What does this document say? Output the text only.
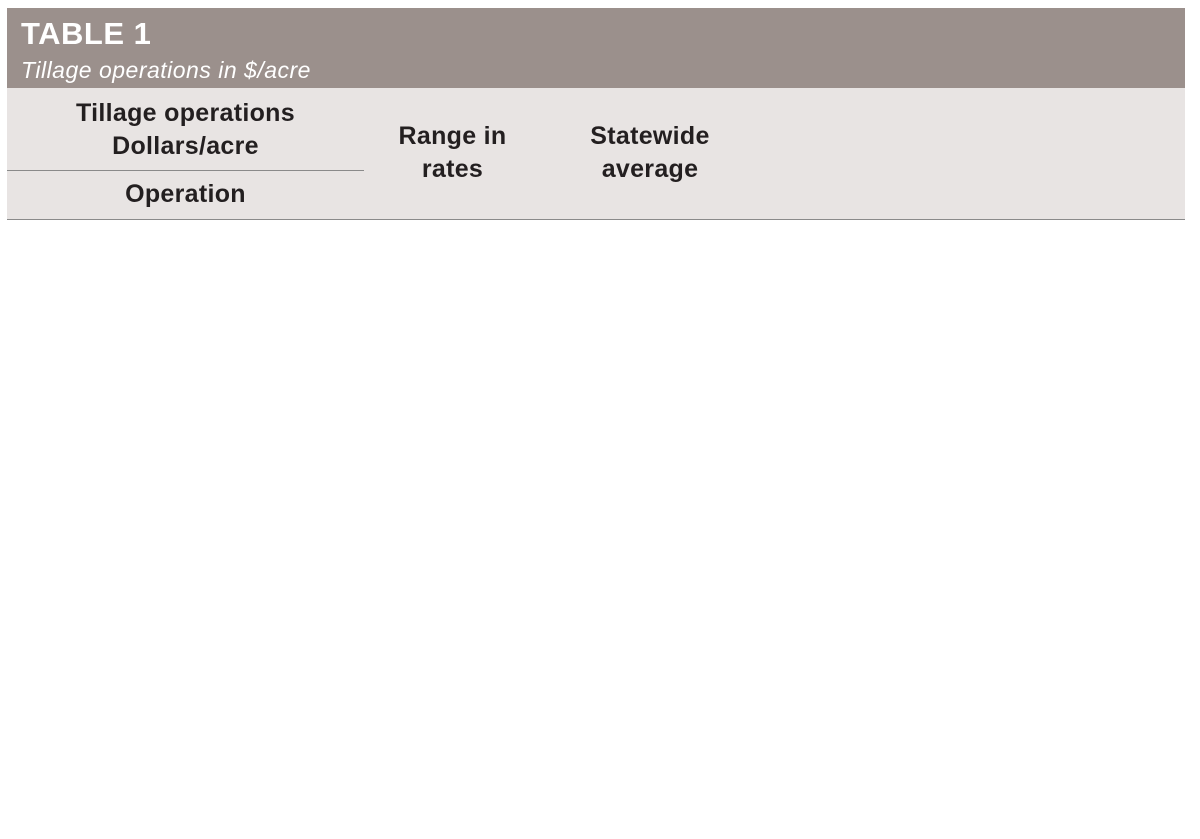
TABLE 1
Tillage operations in $/acre
Tillage operations
Dollars/acre
Operation
Range in
rates
Statewide
average
